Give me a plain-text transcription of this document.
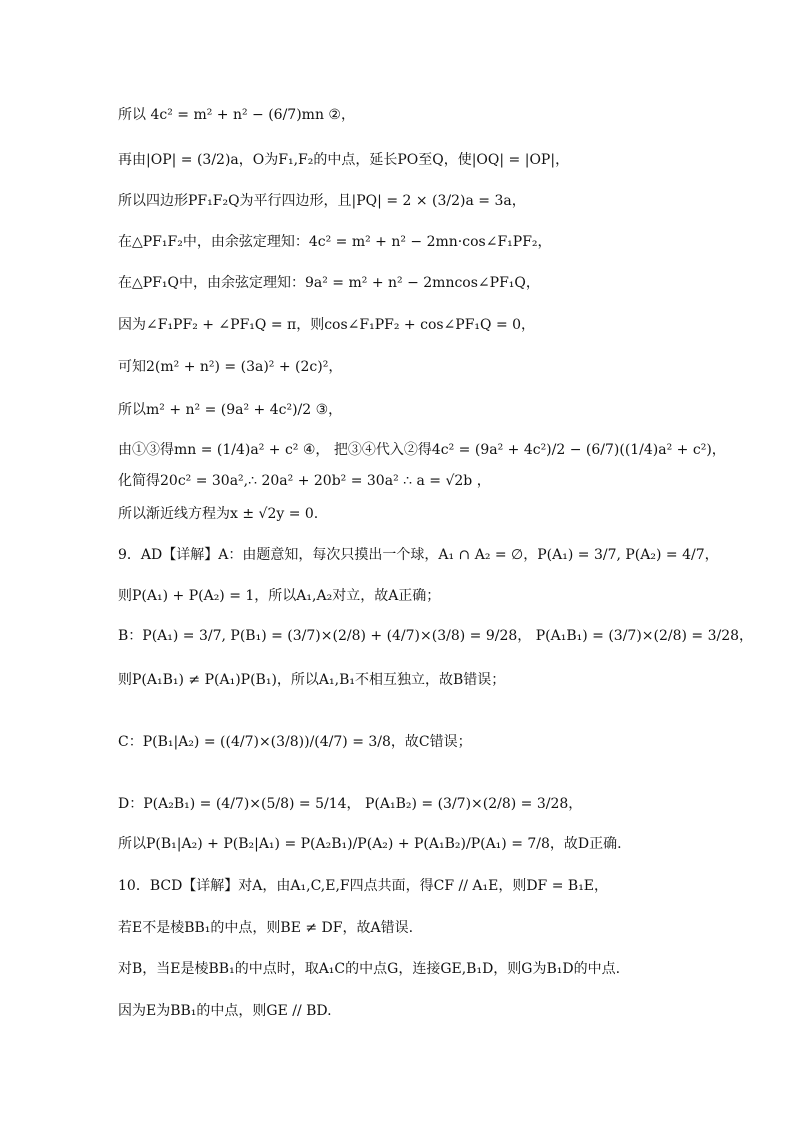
所以 4c² = m² + n² − (6/7)mn ②，
再由|OP| = (3/2)a，O为F₁,F₂的中点，延长PO至Q，使|OQ| = |OP|，
所以四边形PF₁F₂Q为平行四边形，且|PQ| = 2 × (3/2)a = 3a，
在△PF₁F₂中，由余弦定理知：4c² = m² + n² − 2mn·cos∠F₁PF₂，
在△PF₁Q中，由余弦定理知：9a² = m² + n² − 2mncos∠PF₁Q，
因为∠F₁PF₂ + ∠PF₁Q = π，则cos∠F₁PF₂ + cos∠PF₁Q = 0，
可知2(m² + n²) = (3a)² + (2c)²，
所以m² + n² = (9a² + 4c²)/2 ③，
由①③得mn = (1/4)a² + c² ④， 把③④代入②得4c² = (9a² + 4c²)/2 − (6/7)((1/4)a² + c²)，
化简得20c² = 30a²,∴ 20a² + 20b² = 30a² ∴ a = √2b ，
所以渐近线方程为x ± √2y = 0.
9．AD【详解】A：由题意知，每次只摸出一个球，A₁ ∩ A₂ = ∅，P(A₁) = 3/7, P(A₂) = 4/7，
则P(A₁) + P(A₂) = 1，所以A₁,A₂对立，故A正确；
B：P(A₁) = 3/7, P(B₁) = (3/7)×(2/8) + (4/7)×(3/8) = 9/28， P(A₁B₁) = (3/7)×(2/8) = 3/28，
则P(A₁B₁) ≠ P(A₁)P(B₁)，所以A₁,B₁不相互独立，故B错误；
C：P(B₁|A₂) = ((4/7)×(3/8))/(4/7) = 3/8，故C错误；
D：P(A₂B₁) = (4/7)×(5/8) = 5/14， P(A₁B₂) = (3/7)×(2/8) = 3/28，
所以P(B₁|A₂) + P(B₂|A₁) = P(A₂B₁)/P(A₂) + P(A₁B₂)/P(A₁) = 7/8，故D正确.
10．BCD【详解】对A，由A₁,C,E,F四点共面，得CF // A₁E，则DF = B₁E，
若E不是棱BB₁的中点，则BE ≠ DF，故A错误.
对B，当E是棱BB₁的中点时，取A₁C的中点G，连接GE,B₁D，则G为B₁D的中点.
因为E为BB₁的中点，则GE // BD.
